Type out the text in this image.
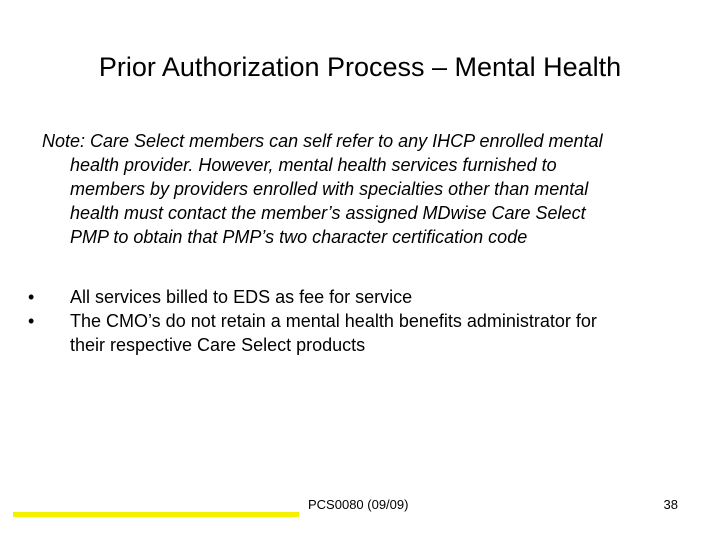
Prior Authorization Process – Mental Health
Note: Care Select members can self refer to any IHCP enrolled mental
health provider. However, mental health services furnished to
members by providers enrolled with specialties other than mental
health must contact the member’s assigned MDwise Care Select
PMP to obtain that PMP’s two character certification code
•	All services billed to EDS as fee for service
•	The CMO’s do not retain a mental health benefits administrator for
their respective Care Select products
PCS0080 (09/09)	38
